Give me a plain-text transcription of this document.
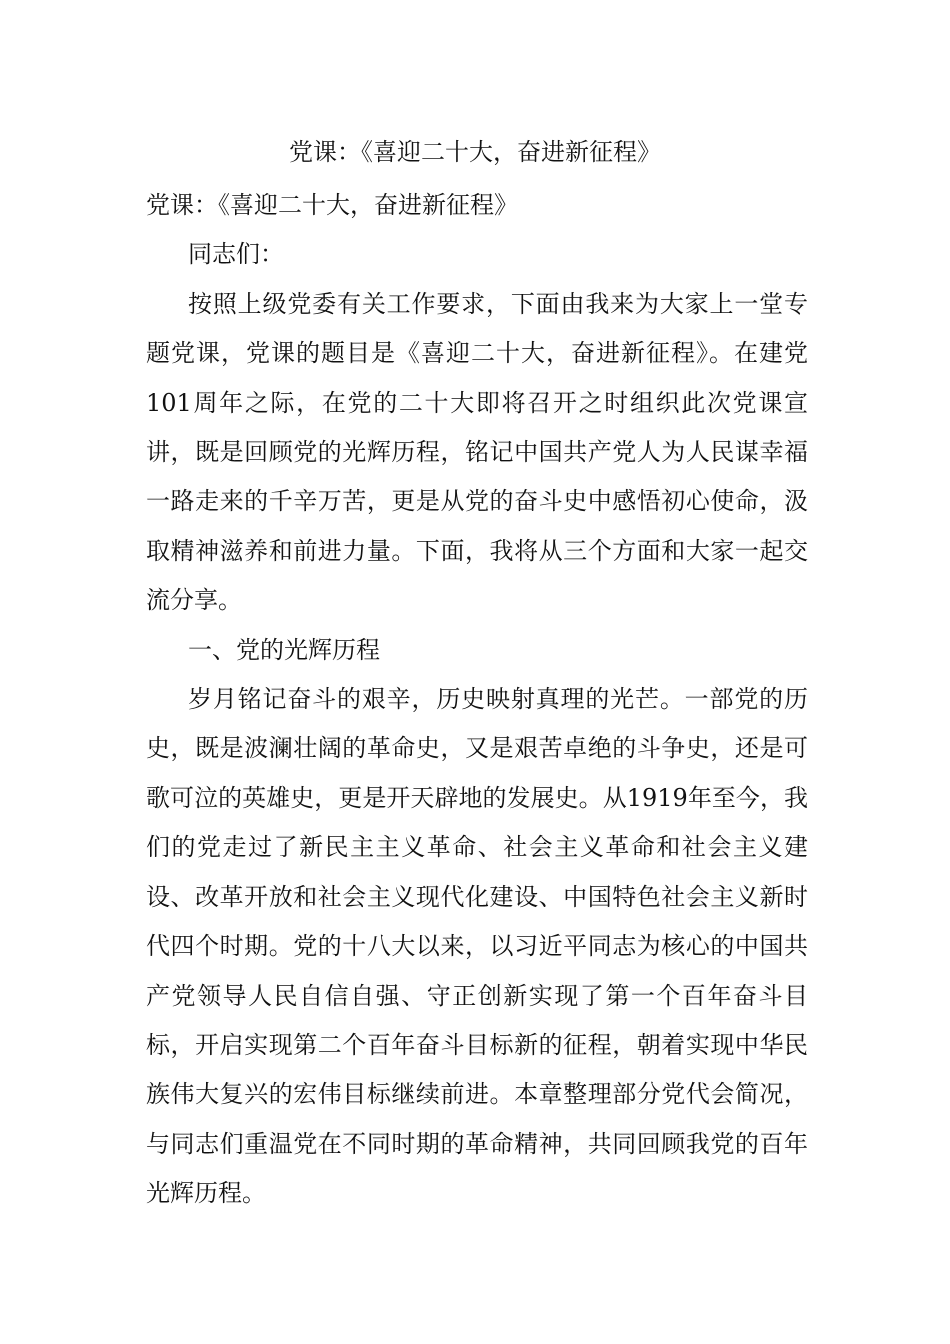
党课：《喜迎二十大，奋进新征程》

党课：《喜迎二十大，奋进新征程》

同志们：

按照上级党委有关工作要求，下面由我来为大家上一堂专题党课，党课的题目是《喜迎二十大，奋进新征程》。在建党101周年之际，在党的二十大即将召开之时组织此次党课宣讲，既是回顾党的光辉历程，铭记中国共产党人为人民谋幸福一路走来的千辛万苦，更是从党的奋斗史中感悟初心使命，汲取精神滋养和前进力量。下面，我将从三个方面和大家一起交流分享。

一、党的光辉历程

岁月铭记奋斗的艰辛，历史映射真理的光芒。一部党的历史，既是波澜壮阔的革命史，又是艰苦卓绝的斗争史，还是可歌可泣的英雄史，更是开天辟地的发展史。从1919年至今，我们的党走过了新民主主义革命、社会主义革命和社会主义建设、改革开放和社会主义现代化建设、中国特色社会主义新时代四个时期。党的十八大以来，以习近平同志为核心的中国共产党领导人民自信自强、守正创新实现了第一个百年奋斗目标，开启实现第二个百年奋斗目标新的征程，朝着实现中华民族伟大复兴的宏伟目标继续前进。本章整理部分党代会简况，与同志们重温党在不同时期的革命精神，共同回顾我党的百年光辉历程。
